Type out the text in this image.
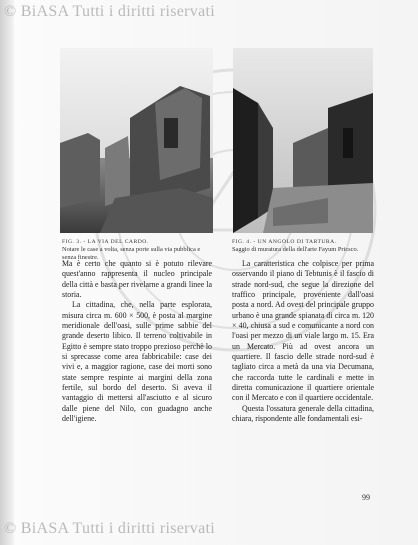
© BiASA Tutti i diritti riservati
FIG. 3. - LA VIA DEL CARDO.
Notare le case a volta, senza porte sulla via pubblica e senza finestre.
FIG. 4. - UN ANGOLO DI TARTURA.
Saggio di muratura della dell'arte Fayum Pricsco.

Ma è certo che quanto si è potuto rilevare quest'anno rappresenta il nucleo principale della città e basta per rivelarne a grandi linee la storia.

La cittadina, che, nella parte esplorata, misura circa m. 600 × 500, è posta al margine meridionale dell'oasi, sulle prime sabbie del grande deserto libico. Il terreno coltivabile in Egitto è sempre stato troppo prezioso perchè lo si sprecasse come area fabbricabile: case dei vivi e, a maggior ragione, case dei morti sono state sempre respinte ai margini della zona fertile, sul bordo del deserto. Si aveva il vantaggio di mettersi all'asciutto e al sicuro dalle piene del Nilo, con guadagno anche dell'igiene.

La caratteristica che colpisce per prima osservando il piano di Tebtunis è il fascio di strade nord-sud, che segue la direzione del traffico principale, proveniente dall'oasi posta a nord. Ad ovest del principale gruppo urbano è una grande spianata di circa m. 120 × 40, chiusa a sud e comunicante a nord con l'oasi per mezzo di un viale largo m. 15. Era un Mercato. Più ad ovest ancora un quartiere. Il fascio delle strade nord-sud è tagliato circa a metà da una via Decumana, che raccorda tutte le cardinali e mette in diretta comunicazione il quartiere orientale con il Mercato e con il quartiere occidentale.

Questa l'ossatura generale della cittadina, chiara, rispondente alle fondamentali esi-

99
© BiASA Tutti i diritti riservati
